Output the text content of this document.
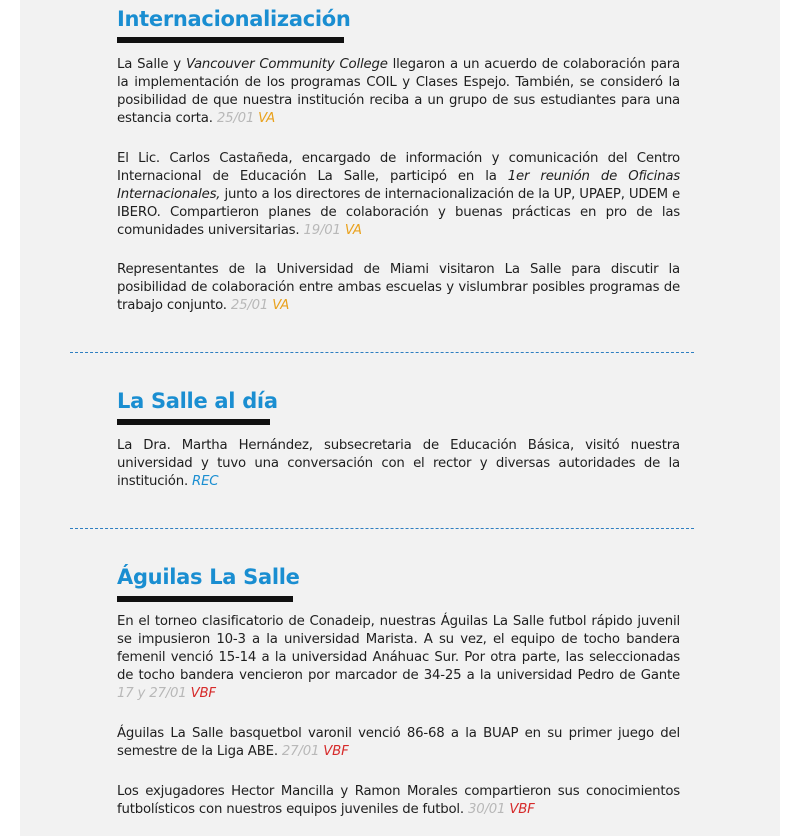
Internacionalización

La Salle y Vancouver Community College llegaron a un acuerdo de colaboración para la implementación de los programas COIL y Clases Espejo. También, se consideró la posibilidad de que nuestra institución reciba a un grupo de sus estudiantes para una estancia corta. 25/01 VA

El Lic. Carlos Castañeda, encargado de información y comunicación del Centro Internacional de Educación La Salle, participó en la 1er reunión de Oficinas Internacionales, junto a los directores de internacionalización de la UP, UPAEP, UDEM e IBERO. Compartieron planes de colaboración y buenas prácticas en pro de las comunidades universitarias. 19/01 VA

Representantes de la Universidad de Miami visitaron La Salle para discutir la posibilidad de colaboración entre ambas escuelas y vislumbrar posibles programas de trabajo conjunto. 25/01 VA

La Salle al día

La Dra. Martha Hernández, subsecretaria de Educación Básica, visitó nuestra universidad y tuvo una conversación con el rector y diversas autoridades de la institución. REC

Águilas La Salle

En el torneo clasificatorio de Conadeip, nuestras Águilas La Salle futbol rápido juvenil se impusieron 10-3 a la universidad Marista. A su vez, el equipo de tocho bandera femenil venció 15-14 a la universidad Anáhuac Sur. Por otra parte, las seleccionadas de tocho bandera vencieron por marcador de 34-25 a la universidad Pedro de Gante 17 y 27/01 VBF

Águilas La Salle basquetbol varonil venció 86-68 a la BUAP en su primer juego del semestre de la Liga ABE. 27/01 VBF

Los exjugadores Hector Mancilla y Ramon Morales compartieron sus conocimientos futbolísticos con nuestros equipos juveniles de futbol. 30/01 VBF
